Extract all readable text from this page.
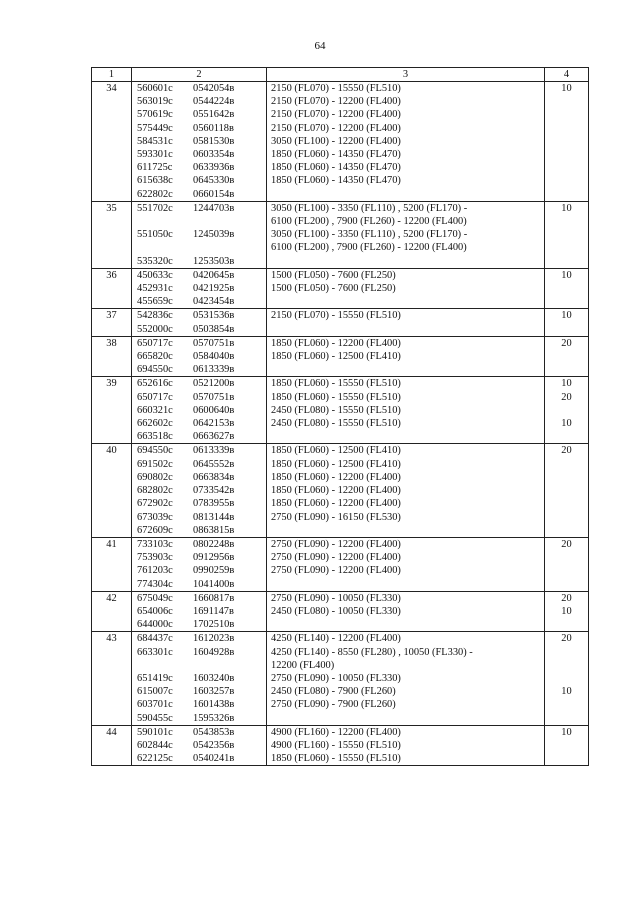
64
1	2	3	4
34	560601c 0542054в	2150 (FL070) - 15550 (FL510)	10
	563019c 0544224в	2150 (FL070) - 12200 (FL400)	
	570619c 0551642в	2150 (FL070) - 12200 (FL400)	
	575449c 0560118в	2150 (FL070) - 12200 (FL400)	
	584531c 0581530в	3050 (FL100) - 12200 (FL400)	
	593301c 0603354в	1850 (FL060) - 14350 (FL470)	
	611725c 0633936в	1850 (FL060) - 14350 (FL470)	
	615638c 0645330в	1850 (FL060) - 14350 (FL470)	
	622802c 0660154в		
35	551702c 1244703в	3050 (FL100) - 3350 (FL110) , 5200 (FL170) -	10
		6100 (FL200) , 7900 (FL260) - 12200 (FL400)	
	551050c 1245039в	3050 (FL100) - 3350 (FL110) , 5200 (FL170) -	
		6100 (FL200) , 7900 (FL260) - 12200 (FL400)	
	535320c 1253503в		
36	450633c 0420645в	1500 (FL050) - 7600 (FL250)	10
	452931c 0421925в	1500 (FL050) - 7600 (FL250)	
	455659c 0423454в		
37	542836c 0531536в	2150 (FL070) - 15550 (FL510)	10
	552000c 0503854в		
38	650717c 0570751в	1850 (FL060) - 12200 (FL400)	20
	665820c 0584040в	1850 (FL060) - 12500 (FL410)	
	694550c 0613339в		
39	652616c 0521200в	1850 (FL060) - 15550 (FL510)	10
	650717c 0570751в	1850 (FL060) - 15550 (FL510)	20
	660321c 0600640в	2450 (FL080) - 15550 (FL510)	
	662602c 0642153в	2450 (FL080) - 15550 (FL510)	10
	663518c 0663627в		
40	694550c 0613339в	1850 (FL060) - 12500 (FL410)	20
	691502c 0645552в	1850 (FL060) - 12500 (FL410)	
	690802c 0663834в	1850 (FL060) - 12200 (FL400)	
	682802c 0733542в	1850 (FL060) - 12200 (FL400)	
	672902c 0783955в	1850 (FL060) - 12200 (FL400)	
	673039c 0813144в	2750 (FL090) - 16150 (FL530)	
	672609c 0863815в		
41	733103c 0802248в	2750 (FL090) - 12200 (FL400)	20
	753903c 0912956в	2750 (FL090) - 12200 (FL400)	
	761203c 0990259в	2750 (FL090) - 12200 (FL400)	
	774304c 1041400в		
42	675049c 1660817в	2750 (FL090) - 10050 (FL330)	20
	654006c 1691147в	2450 (FL080) - 10050 (FL330)	10
	644000c 1702510в		
43	684437c 1612023в	4250 (FL140) - 12200 (FL400)	20
	663301c 1604928в	4250 (FL140) - 8550 (FL280) , 10050 (FL330) -	
		12200 (FL400)	
	651419c 1603240в	2750 (FL090) - 10050 (FL330)	
	615007c 1603257в	2450 (FL080) - 7900 (FL260)	10
	603701c 1601438в	2750 (FL090) - 7900 (FL260)	
	590455c 1595326в		
44	590101c 0543853в	4900 (FL160) - 12200 (FL400)	10
	602844c 0542356в	4900 (FL160) - 15550 (FL510)	
	622125c 0540241в	1850 (FL060) - 15550 (FL510)	
